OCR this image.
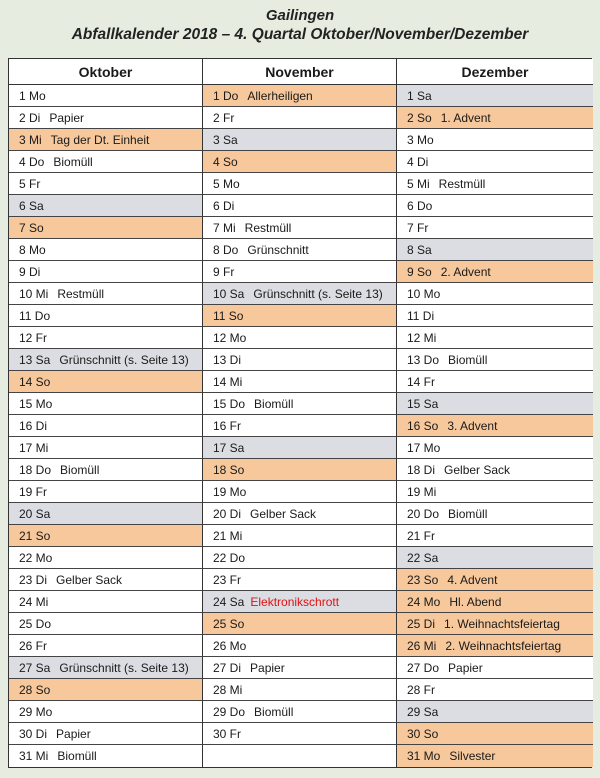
Gailingen
Abfallkalender 2018 – 4. Quartal Oktober/November/Dezember
Oktober	November	Dezember
1 Mo
2 Di Papier
3 Mi Tag der Dt. Einheit
4 Do Biomüll
5 Fr
6 Sa
7 So
8 Mo
9 Di
10 Mi Restmüll
11 Do
12 Fr
13 Sa Grünschnitt (s. Seite 13)
14 So
15 Mo
16 Di
17 Mi
18 Do Biomüll
19 Fr
20 Sa
21 So
22 Mo
23 Di Gelber Sack
24 Mi
25 Do
26 Fr
27 Sa Grünschnitt (s. Seite 13)
28 So
29 Mo
30 Di Papier
31 Mi Biomüll
1 Do Allerheiligen
2 Fr
3 Sa
4 So
5 Mo
6 Di
7 Mi Restmüll
8 Do Grünschnitt
9 Fr
10 Sa Grünschnitt (s. Seite 13)
11 So
12 Mo
13 Di
14 Mi
15 Do Biomüll
16 Fr
17 Sa
18 So
19 Mo
20 Di Gelber Sack
21 Mi
22 Do
23 Fr
24 Sa Elektronikschrott
25 So
26 Mo
27 Di Papier
28 Mi
29 Do Biomüll
30 Fr
1 Sa
2 So 1. Advent
3 Mo
4 Di
5 Mi Restmüll
6 Do
7 Fr
8 Sa
9 So 2. Advent
10 Mo
11 Di
12 Mi
13 Do Biomüll
14 Fr
15 Sa
16 So 3. Advent
17 Mo
18 Di Gelber Sack
19 Mi
20 Do Biomüll
21 Fr
22 Sa
23 So 4. Advent
24 Mo Hl. Abend
25 Di 1. Weihnachtsfeiertag
26 Mi 2. Weihnachtsfeiertag
27 Do Papier
28 Fr
29 Sa
30 So
31 Mo Silvester
